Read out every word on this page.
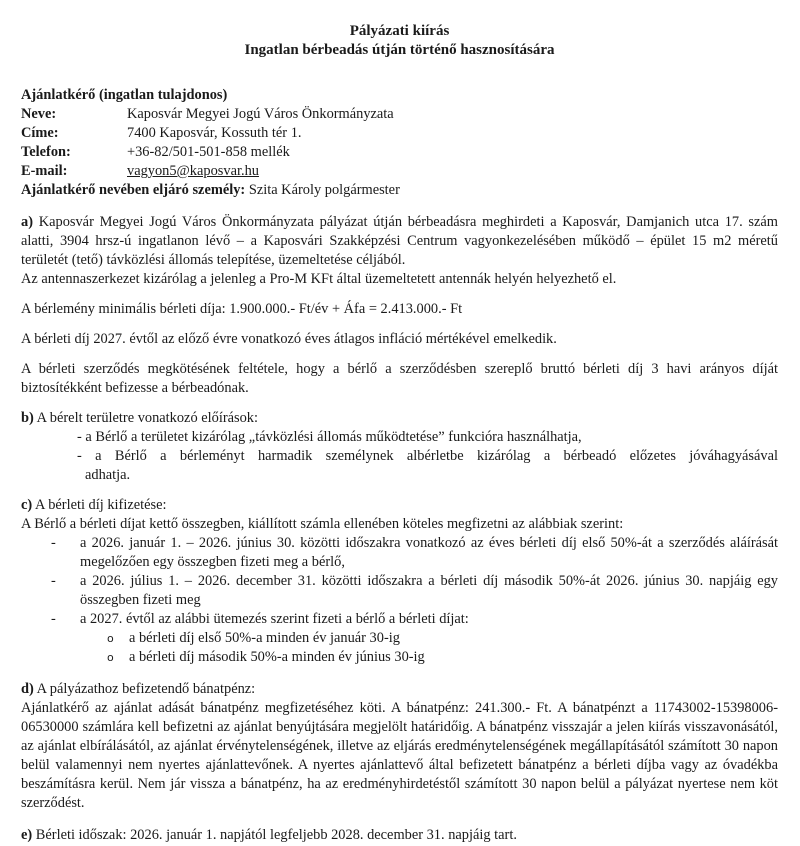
Pályázati kiírás
Ingatlan bérbeadás útján történő hasznosítására
Ajánlatkérő (ingatlan tulajdonos)
Neve:	Kaposvár Megyei Jogú Város Önkormányzata
Címe:	7400 Kaposvár, Kossuth tér 1.
Telefon:	+36-82/501-501-858 mellék
E-mail:	vagyon5@kaposvar.hu
Ajánlatkérő nevében eljáró személy: Szita Károly polgármester
a) Kaposvár Megyei Jogú Város Önkormányzata pályázat útján bérbeadásra meghirdeti a Kaposvár, Damjanich utca 17. szám alatti, 3904 hrsz-ú ingatlanon lévő – a Kaposvári Szakképzési Centrum vagyonkezelésében működő – épület 15 m2 méretű területét (tető) távközlési állomás telepítése, üzemeltetése céljából.
Az antennaszerkezet kizárólag a jelenleg a Pro-M KFt által üzemeltetett antennák helyén helyezhető el.
A bérlemény minimális bérleti díja: 1.900.000.- Ft/év + Áfa = 2.413.000.- Ft
A bérleti díj 2027. évtől az előző évre vonatkozó éves átlagos infláció mértékével emelkedik.
A bérleti szerződés megkötésének feltétele, hogy a bérlő a szerződésben szereplő bruttó bérleti díj 3 havi arányos díját biztosítékként befizesse a bérbeadónak.
b) A bérelt területre vonatkozó előírások:
- a Bérlő a területet kizárólag „távközlési állomás működtetése” funkcióra használhatja,
- a Bérlő a bérleményt harmadik személynek albérletbe kizárólag a bérbeadó előzetes jóváhagyásával
adhatja.
c) A bérleti díj kifizetése:
A Bérlő a bérleti díjat kettő összegben, kiállított számla ellenében köteles megfizetni az alábbiak szerint:
- a 2026. január 1. – 2026. június 30. közötti időszakra vonatkozó az éves bérleti díj első 50%-át a szerződés aláírását megelőzően egy összegben fizeti meg a bérlő,
- a 2026. július 1. – 2026. december 31. közötti időszakra a bérleti díj második 50%-át 2026. június 30. napjáig egy összegben fizeti meg
- a 2027. évtől az alábbi ütemezés szerint fizeti a bérlő a bérleti díjat:
o a bérleti díj első 50%-a minden év január 30-ig
o a bérleti díj második 50%-a minden év június 30-ig
d) A pályázathoz befizetendő bánatpénz:
Ajánlatkérő az ajánlat adását bánatpénz megfizetéséhez köti. A bánatpénz: 241.300.- Ft. A bánatpénzt a 11743002-15398006-06530000 számlára kell befizetni az ajánlat benyújtására megjelölt határidőig. A bánatpénz visszajár a jelen kiírás visszavonásától, az ajánlat elbírálásától, az ajánlat érvénytelenségének, illetve az eljárás eredménytelenségének megállapításától számított 30 napon belül valamennyi nem nyertes ajánlattevőnek. A nyertes ajánlattevő által befizetett bánatpénz a bérleti díjba vagy az óvadékba beszámításra kerül. Nem jár vissza a bánatpénz, ha az eredményhirdetéstől számított 30 napon belül a pályázat nyertese nem köt szerződést.
e) Bérleti időszak: 2026. január 1. napjától legfeljebb 2028. december 31. napjáig tart.
